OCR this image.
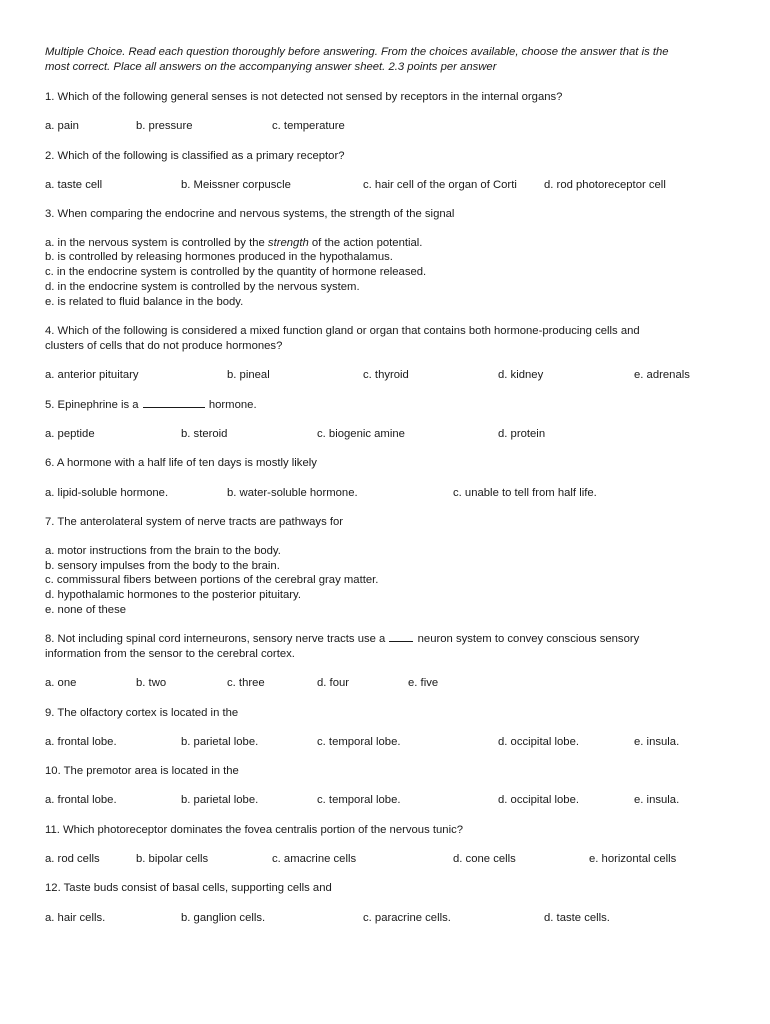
Multiple Choice. Read each question thoroughly before answering. From the choices available, choose the answer that is the
most correct. Place all answers on the accompanying answer sheet. 2.3 points per answer
1. Which of the following general senses is not detected not sensed by receptors in the internal organs?
a. pain	b. pressure	c. temperature
2. Which of the following is classified as a primary receptor?
a. taste cell	b. Meissner corpuscle	c. hair cell of the organ of Corti d. rod photoreceptor cell
3. When comparing the endocrine and nervous systems, the strength of the signal
a. in the nervous system is controlled by the strength of the action potential.
b. is controlled by releasing hormones produced in the hypothalamus.
c. in the endocrine system is controlled by the quantity of hormone released.
d. in the endocrine system is controlled by the nervous system.
e. is related to fluid balance in the body.
4. Which of the following is considered a mixed function gland or organ that contains both hormone-producing cells and
clusters of cells that do not produce hormones?
a. anterior pituitary	b. pineal	c. thyroid	d. kidney	e. adrenals
5. Epinephrine is a	hormone.
a. peptide	b. steroid	c. biogenic amine	d. protein
6. A hormone with a half life of ten days is mostly likely
a. lipid-soluble hormone.	b. water-soluble hormone.	c. unable to tell from half life.
7. The anterolateral system of nerve tracts are pathways for
a. motor instructions from the brain to the body.
b. sensory impulses from the body to the brain.
c. commissural fibers between portions of the cerebral gray matter.
d. hypothalamic hormones to the posterior pituitary.
e. none of these
8. Not including spinal cord interneurons, sensory nerve tracts use a  neuron system to convey conscious sensory
information from the sensor to the cerebral cortex.
a. one	b. two	c. three	d. four	e. five
9. The olfactory cortex is located in the
a. frontal lobe.	b. parietal lobe.	c. temporal lobe.	d. occipital lobe.	e. insula.
10. The premotor area is located in the
a. frontal lobe.	b. parietal lobe.	c. temporal lobe.	d. occipital lobe.	e. insula.
11. Which photoreceptor dominates the fovea centralis portion of the nervous tunic?
a. rod cells	b. bipolar cells	c. amacrine cells	d. cone cells	e. horizontal cells
12. Taste buds consist of basal cells, supporting cells and
a. hair cells.	b. ganglion cells.	c. paracrine cells.	d. taste cells.
